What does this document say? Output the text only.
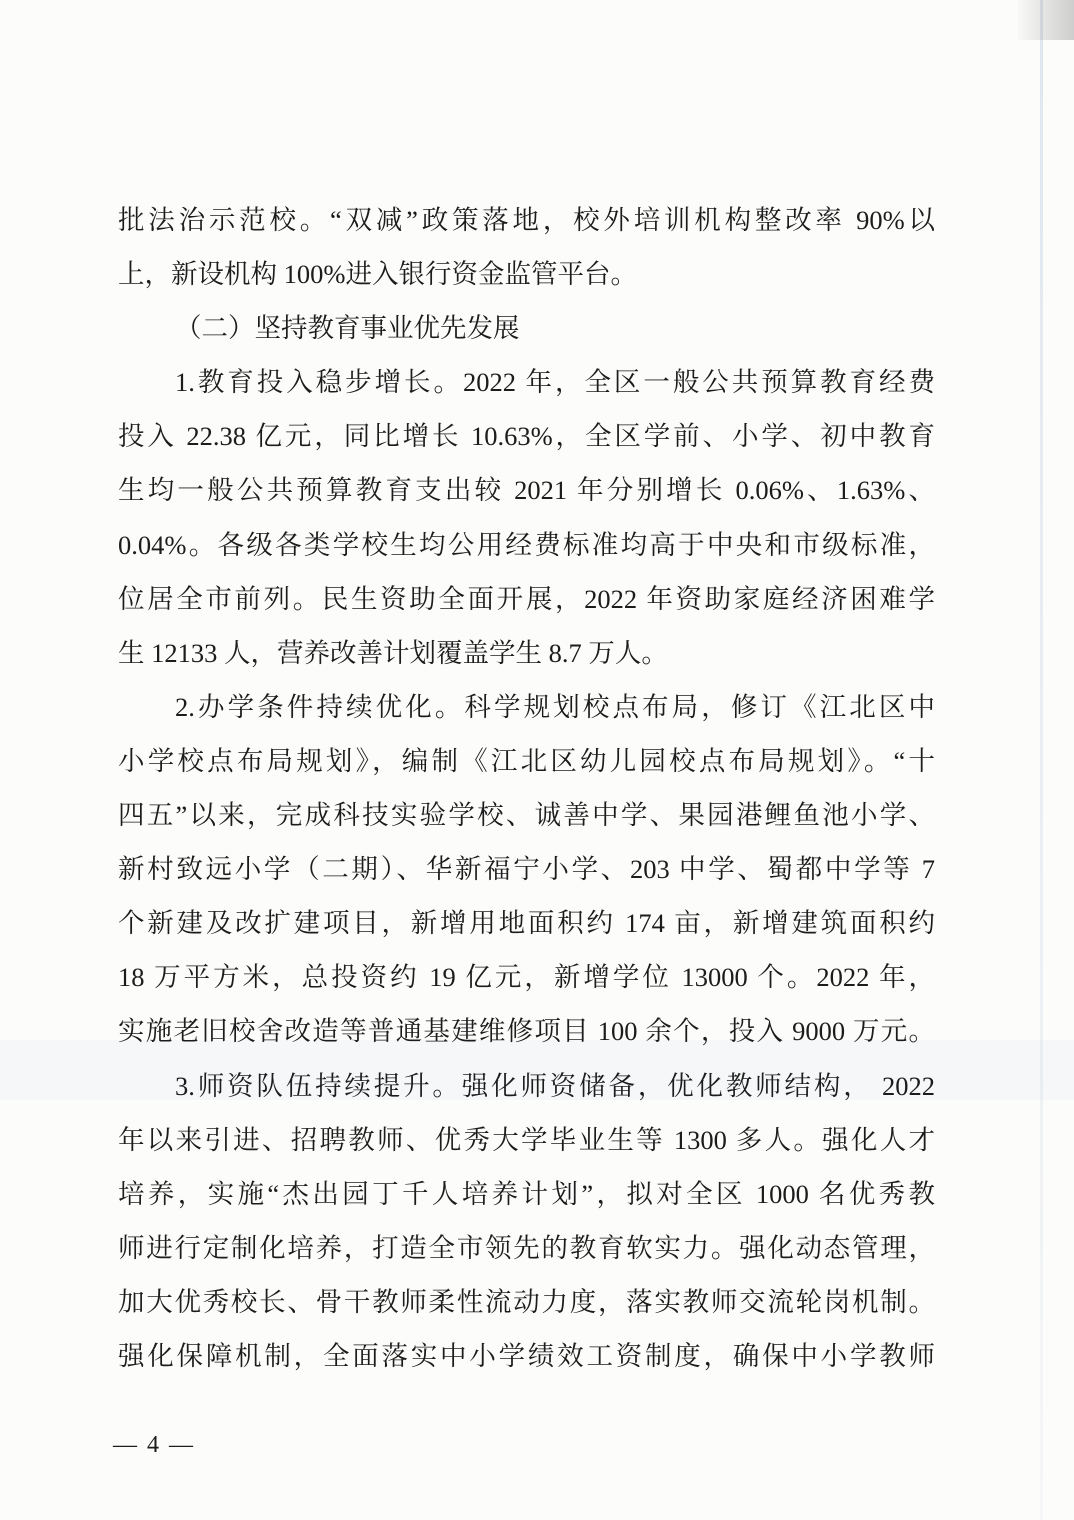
批法治示范校。“双减”政策落地，校外培训机构整改率 90%以
上，新设机构 100%进入银行资金监管平台。
（二）坚持教育事业优先发展
1.教育投入稳步增长。2022 年，全区一般公共预算教育经费
投入 22.38 亿元，同比增长 10.63%，全区学前、小学、初中教育
生均一般公共预算教育支出较 2021 年分别增长 0.06%、1.63%、
0.04%。各级各类学校生均公用经费标准均高于中央和市级标准，
位居全市前列。民生资助全面开展，2022 年资助家庭经济困难学
生 12133 人，营养改善计划覆盖学生 8.7 万人。
2.办学条件持续优化。科学规划校点布局，修订《江北区中
小学校点布局规划》，编制《江北区幼儿园校点布局规划》。“十
四五”以来，完成科技实验学校、诚善中学、果园港鲤鱼池小学、
新村致远小学（二期）、华新福宁小学、203 中学、蜀都中学等 7
个新建及改扩建项目，新增用地面积约 174 亩，新增建筑面积约
18 万平方米，总投资约 19 亿元，新增学位 13000 个。2022 年，
实施老旧校舍改造等普通基建维修项目 100 余个，投入 9000 万元。
3.师资队伍持续提升。强化师资储备，优化教师结构， 2022
年以来引进、招聘教师、优秀大学毕业生等 1300 多人。强化人才
培养，实施“杰出园丁千人培养计划”，拟对全区 1000 名优秀教
师进行定制化培养，打造全市领先的教育软实力。强化动态管理，
加大优秀校长、骨干教师柔性流动力度，落实教师交流轮岗机制。
强化保障机制，全面落实中小学绩效工资制度，确保中小学教师
— 4 —
